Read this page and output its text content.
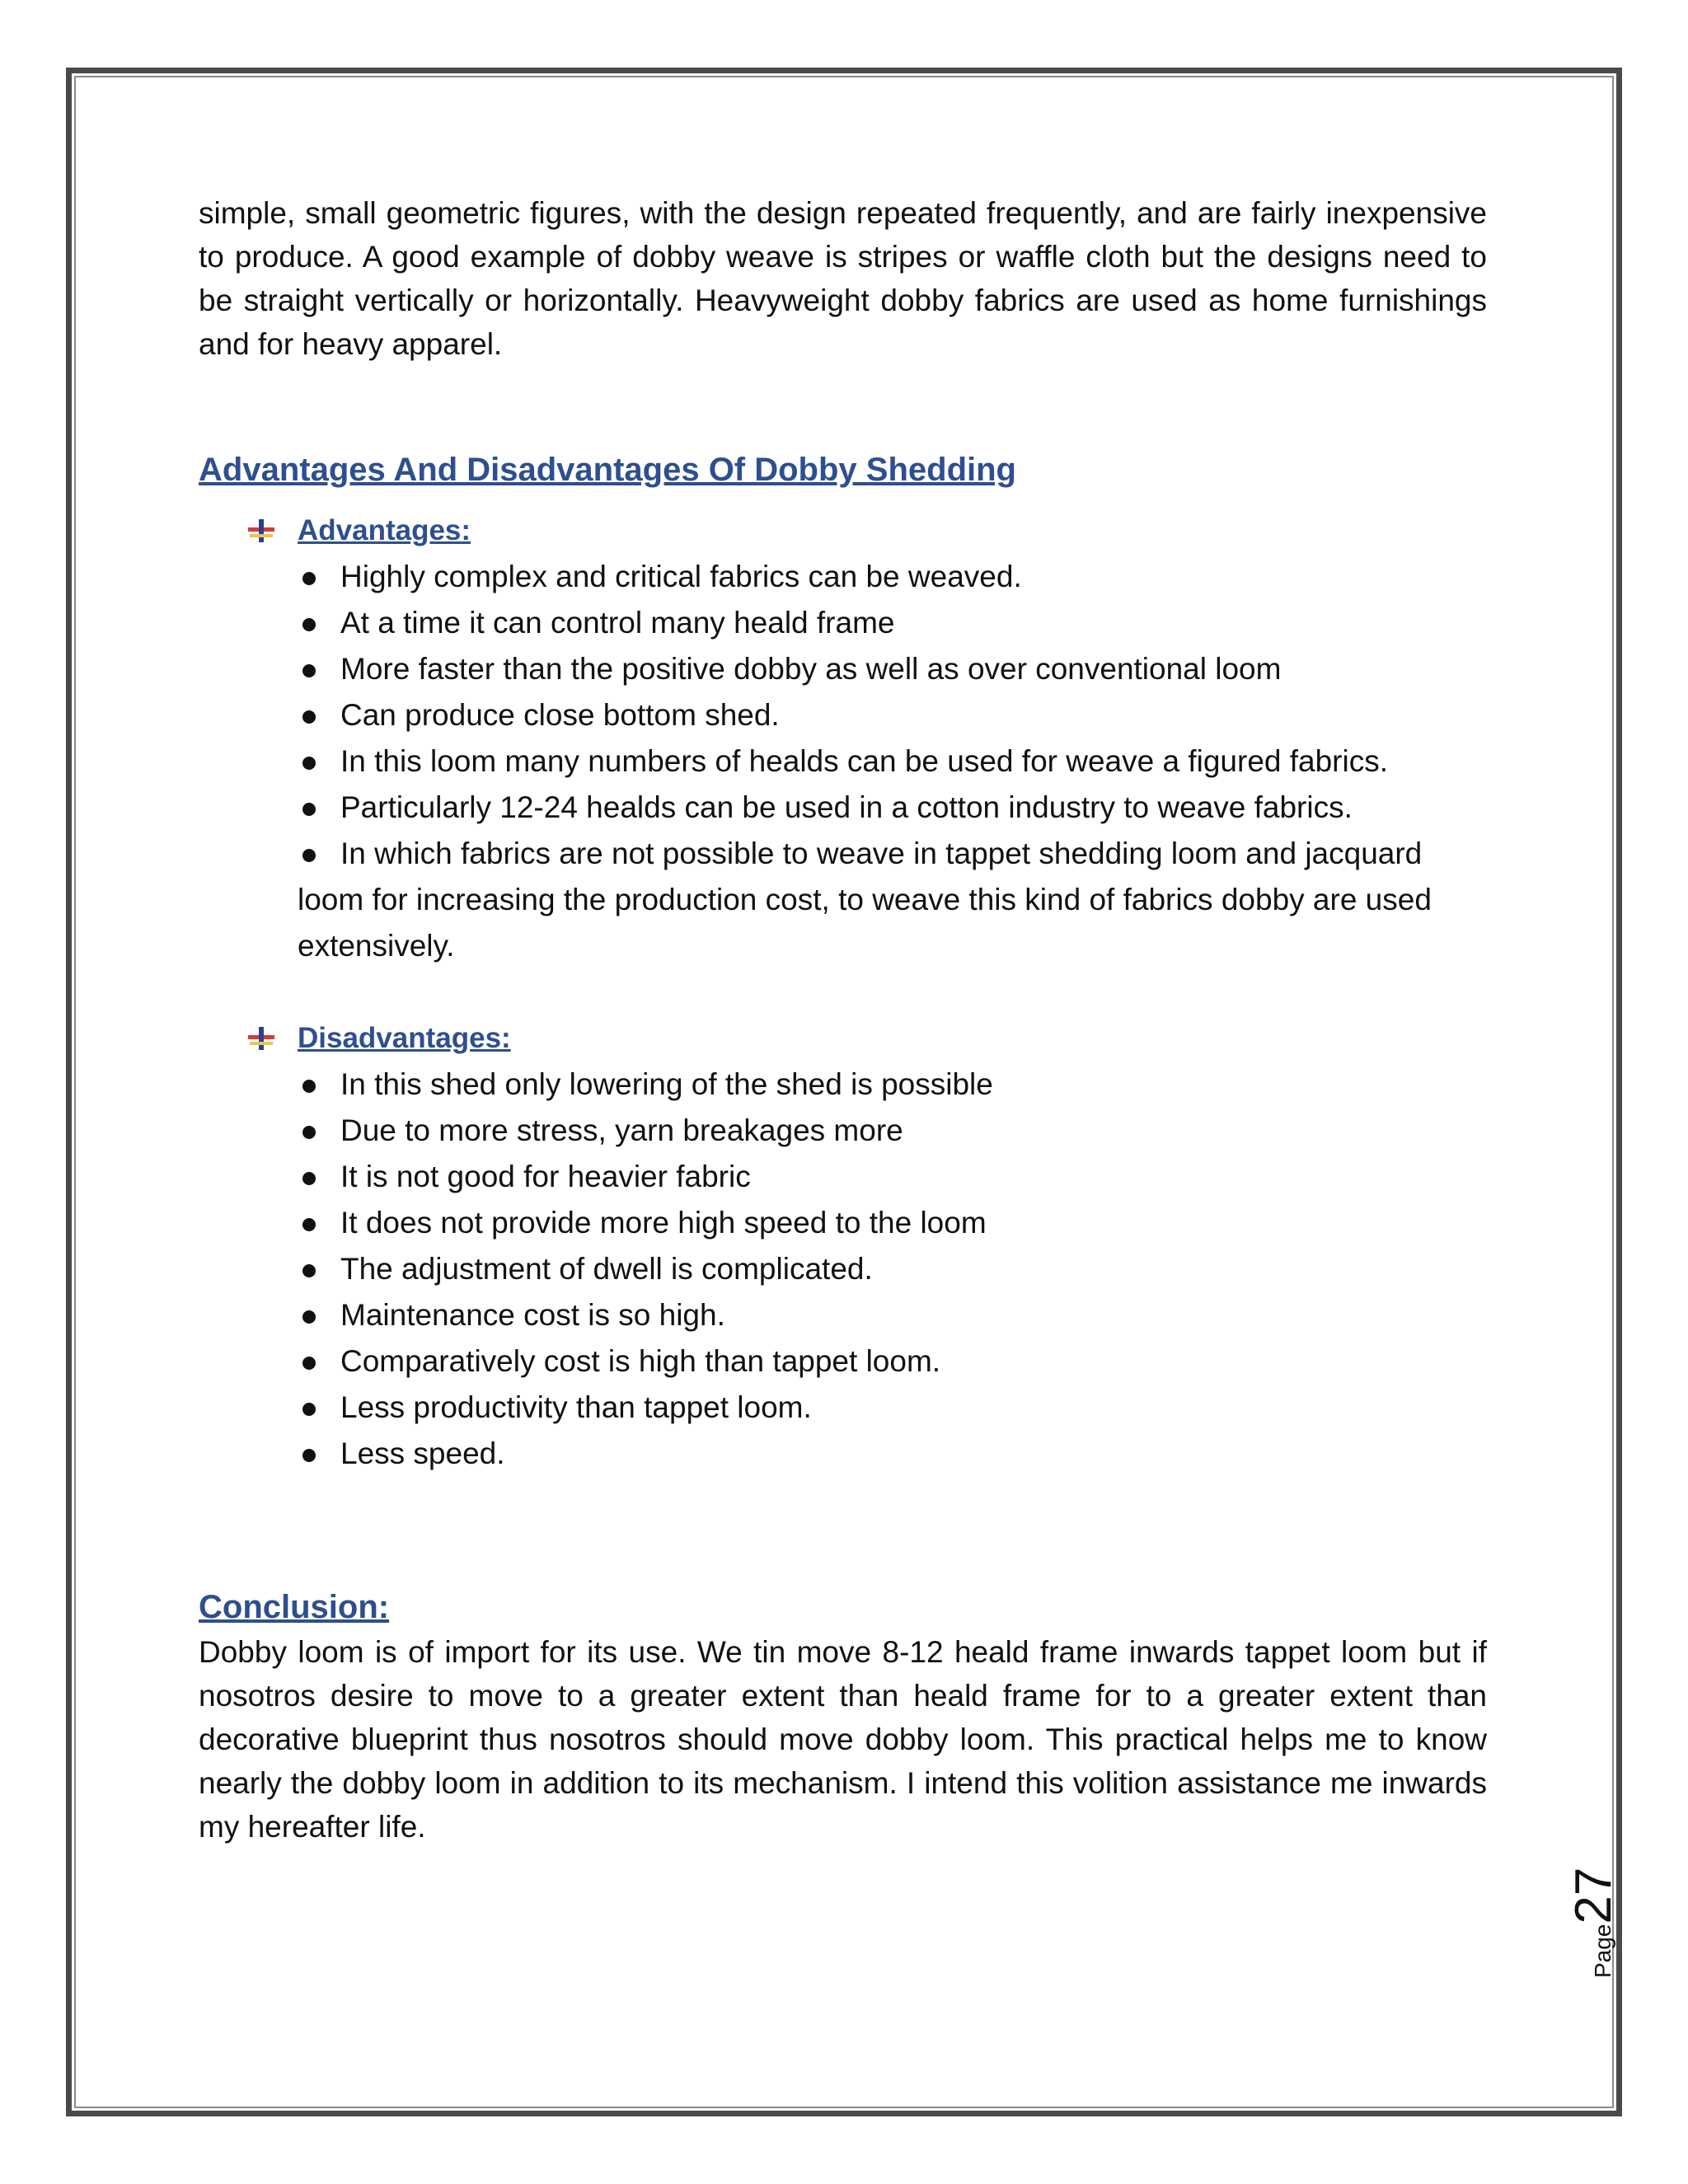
simple, small geometric figures, with the design repeated frequently, and are fairly inexpensive to produce. A good example of dobby weave is stripes or waffle cloth but the designs need to be straight vertically or horizontally. Heavyweight dobby fabrics are used as home furnishings and for heavy apparel.

Advantages And Disadvantages Of Dobby Shedding
Advantages:
Highly complex and critical fabrics can be weaved.
At a time it can control many heald frame
More faster than the positive dobby as well as over conventional loom
Can produce close bottom shed.
In this loom many numbers of healds can be used for weave a figured fabrics.
Particularly 12-24 healds can be used in a cotton industry to weave fabrics.
In which fabrics are not possible to weave in tappet shedding loom and jacquard loom for increasing the production cost, to weave this kind of fabrics dobby are used extensively.
Disadvantages:
In this shed only lowering of the shed is possible
Due to more stress, yarn breakages more
It is not good for heavier fabric
It does not provide more high speed to the loom
The adjustment of dwell is complicated.
Maintenance cost is so high.
Comparatively cost is high than tappet loom.
Less productivity than tappet loom.
Less speed.
Conclusion:

Dobby loom is of import for its use. We tin move 8-12 heald frame inwards tappet loom but if nosotros desire to move to a greater extent than heald frame for to a greater extent than decorative blueprint thus nosotros should move dobby loom. This practical helps me to know nearly the dobby loom in addition to its mechanism. I intend this volition assistance me inwards my hereafter life.

Page27
